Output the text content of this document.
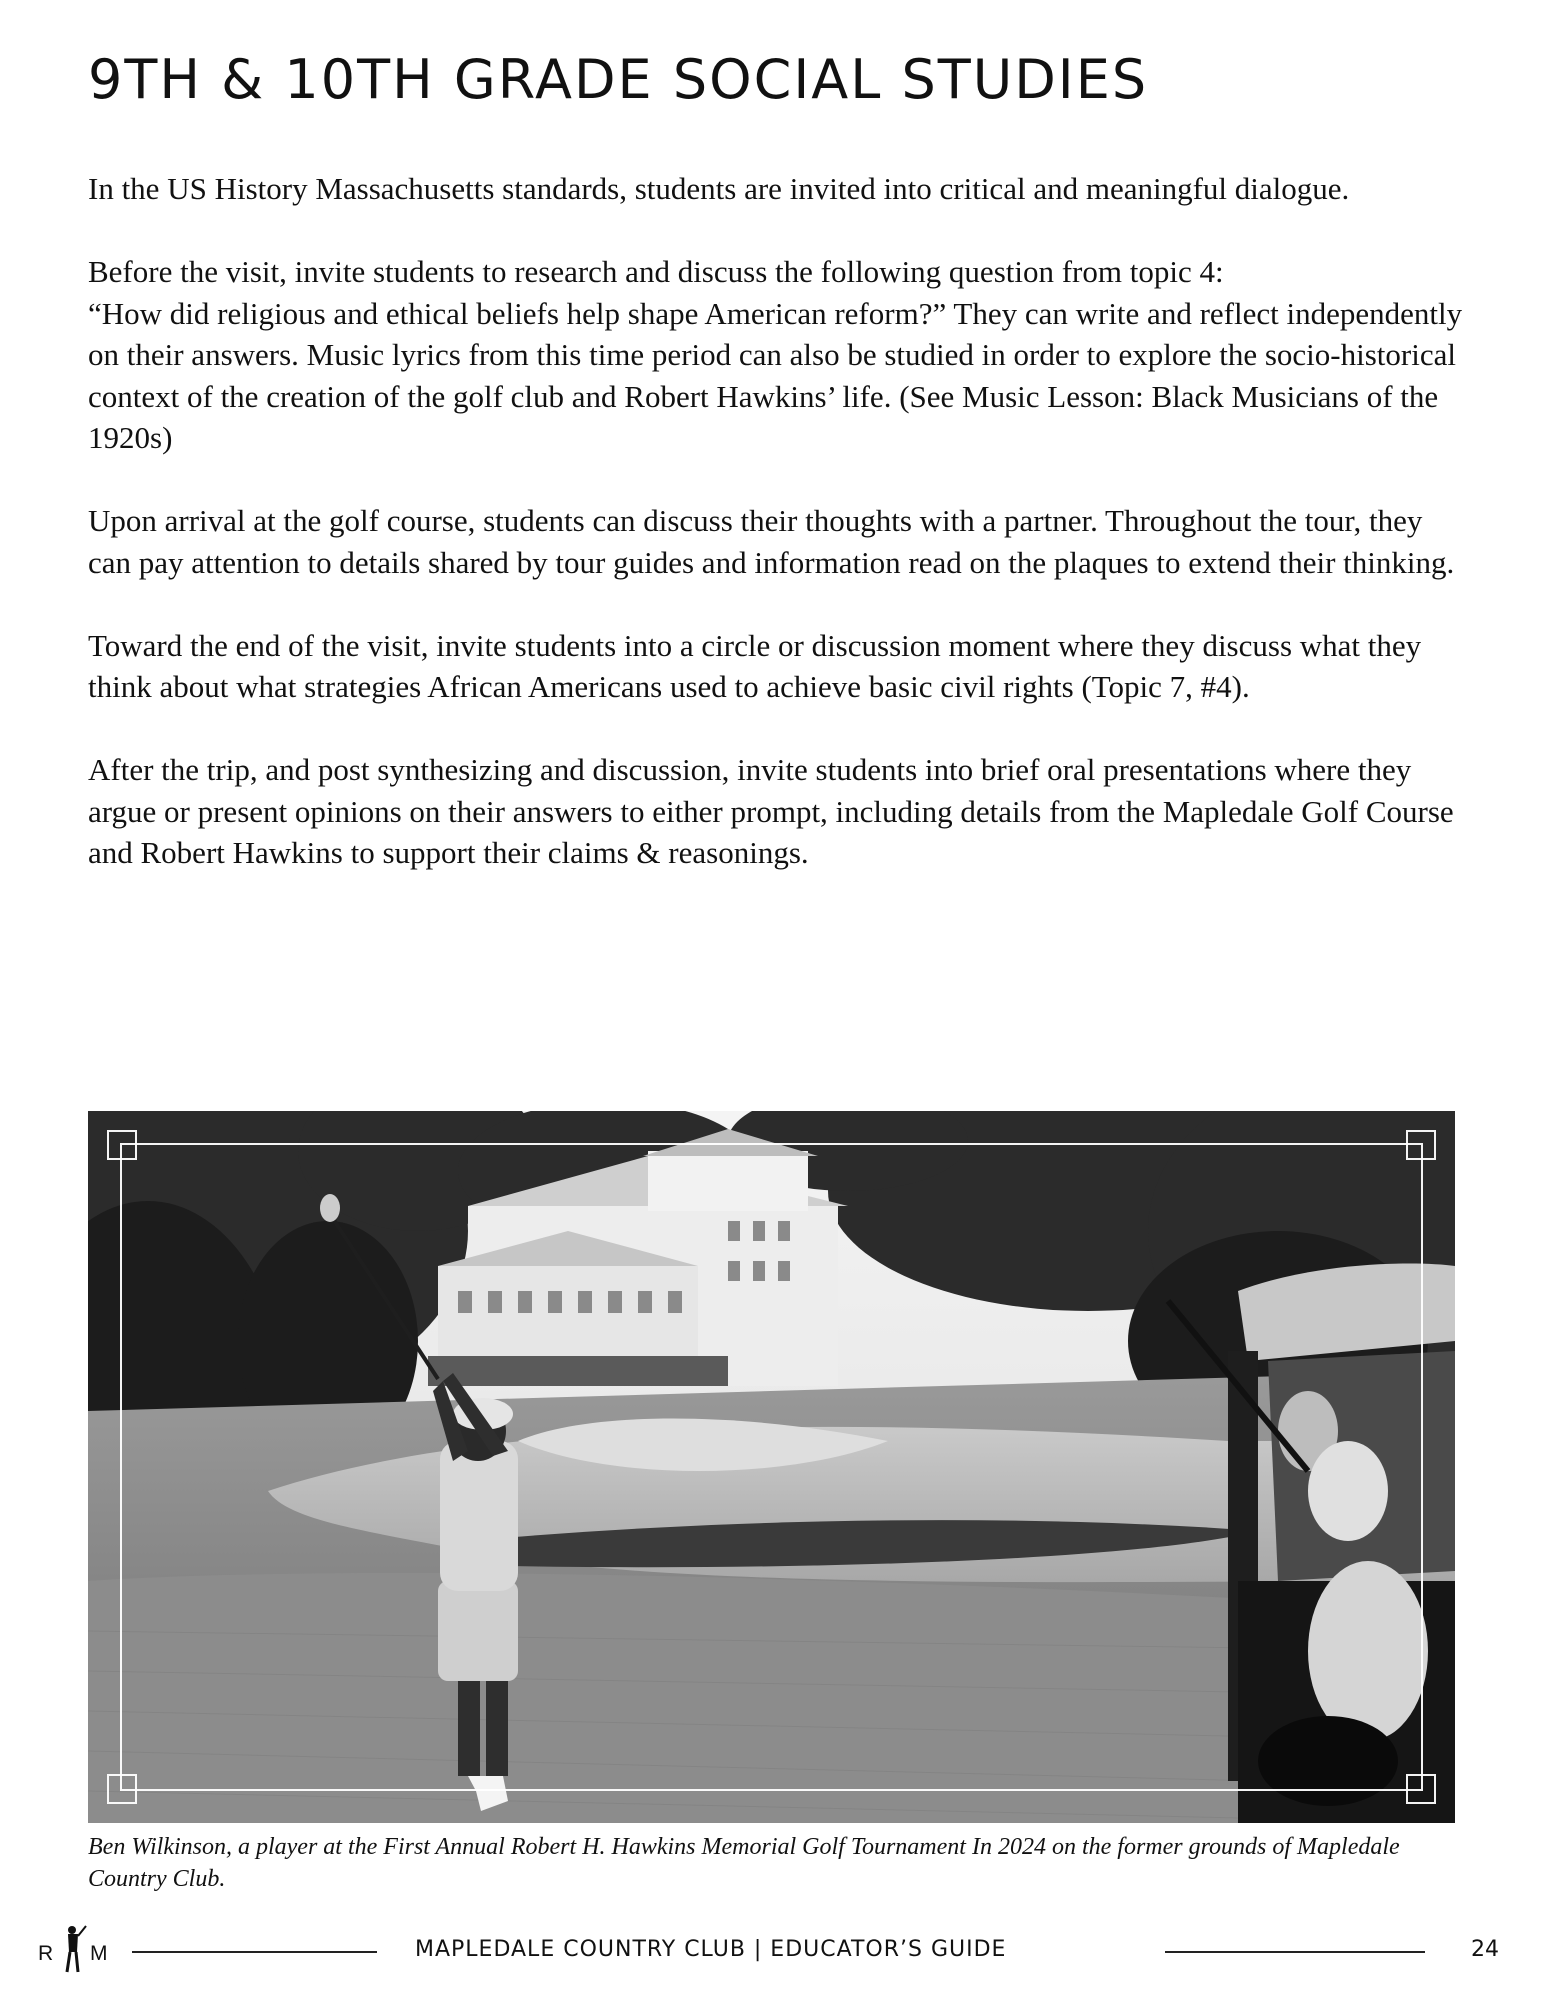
9TH & 10TH GRADE SOCIAL STUDIES

In the US History Massachusetts standards, students are invited into critical and meaningful dialogue.

Before the visit, invite students to research and discuss the following question from topic 4:
“How did religious and ethical beliefs help shape American reform?” They can write and reflect independently on their answers. Music lyrics from this time period can also be studied in order to explore the socio-historical context of the creation of the golf club and Robert Hawkins’ life. (See Music Lesson: Black Musicians of the 1920s)

Upon arrival at the golf course, students can discuss their thoughts with a partner. Throughout the tour, they can pay attention to details shared by tour guides and information read on the plaques to extend their thinking.

Toward the end of the visit, invite students into a circle or discussion moment where they discuss what they think about what strategies African Americans used to achieve basic civil rights (Topic 7, #4).

After the trip, and post synthesizing and discussion, invite students into brief oral presentations where they argue or present opinions on their answers to either prompt, including details from the Mapledale Golf Course and Robert Hawkins to support their claims & reasonings.

Ben Wilkinson, a player at the First Annual Robert H. Hawkins Memorial Golf Tournament In 2024 on the former grounds of Mapledale Country Club.
R M	MAPLEDALE COUNTRY CLUB | EDUCATOR’S GUIDE	24
